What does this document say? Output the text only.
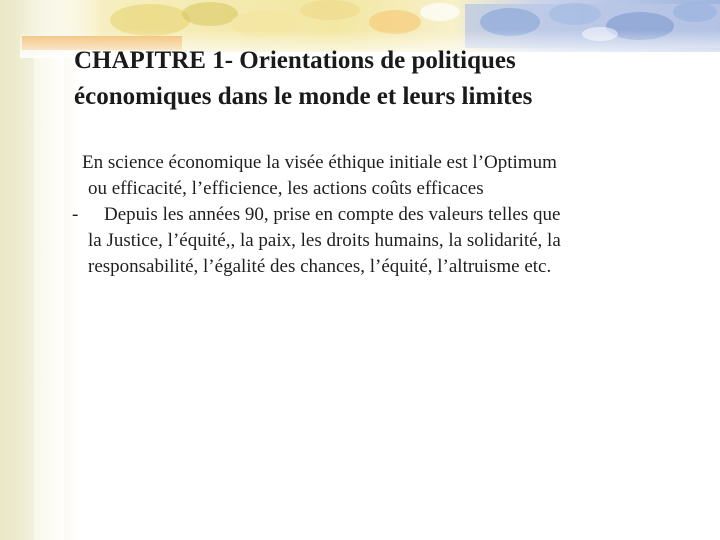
CHAPITRE 1- Orientations de politiques
économiques dans le monde et leurs limites
En science économique la visée éthique initiale est l’Optimum
ou efficacité, l’efficience, les actions coûts efficaces
- Depuis les années 90, prise en compte des valeurs telles que
la Justice, l’équité,, la paix, les droits humains, la solidarité, la
responsabilité, l’égalité des chances, l’équité, l’altruisme etc.
